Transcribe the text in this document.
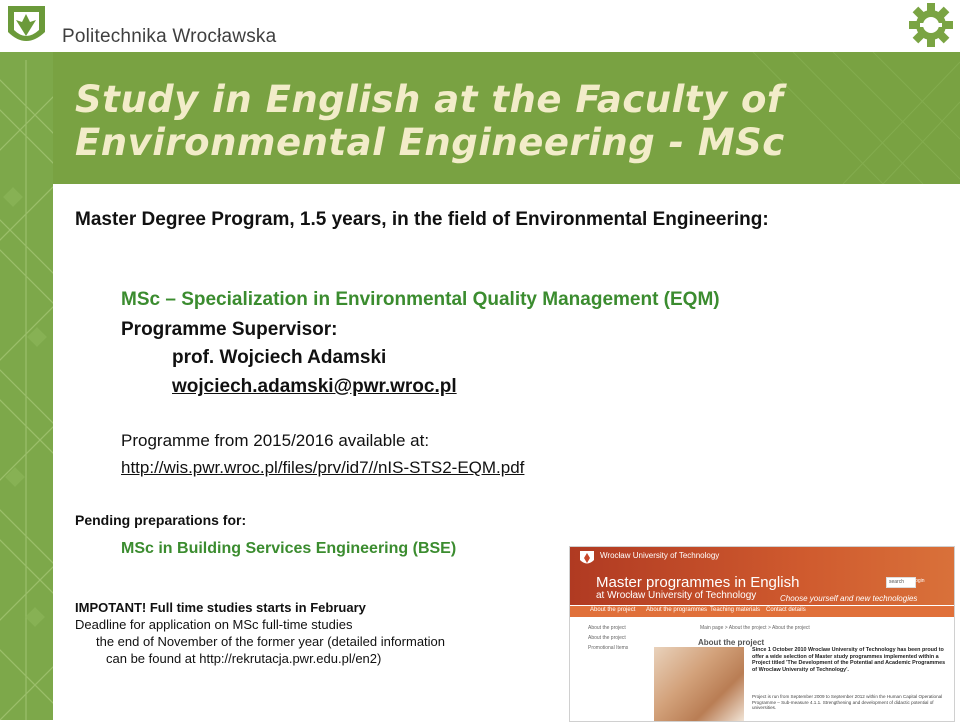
Politechnika Wrocławska
Study in English at the Faculty of
Environmental Engineering - MSc
Master Degree Program, 1.5 years, in the field of Environmental Engineering:
MSc – Specialization in Environmental Quality Management (EQM)
Programme Supervisor:
prof. Wojciech Adamski
wojciech.adamski@pwr.wroc.pl
Programme from 2015/2016 available at:
http://wis.pwr.wroc.pl/files/prv/id7//nIS-STS2-EQM.pdf
Pending preparations for:
MSc in Building Services Engineering (BSE)
IMPOTANT! Full time studies starts in February
Deadline for application on MSc full-time studies
the end of November of the former year (detailed information
can be found at http://rekrutacja.pwr.edu.pl/en2)
Wrocław University of Technology
Master programmes in English
at Wrocław University of Technology	Choose yourself and new technologies
search login
About the project About the programmes Teaching materials Contact details
Main page > About the project > About the project
About the project
About the project
About the project
Promotional Items	Since 1 October 2010 Wroclaw University of Technology has been proud to offer a wide selection of Master study programmes implemented within a Project titled 'The Development of the Potential and Academic Programmes of Wroclaw University of Technology'.
Project is run from September 2009 to September 2012 within the Human Capital Operational Programme – Sub-measure 4.1.1. Strengthening and development of didactic potential of universities.
